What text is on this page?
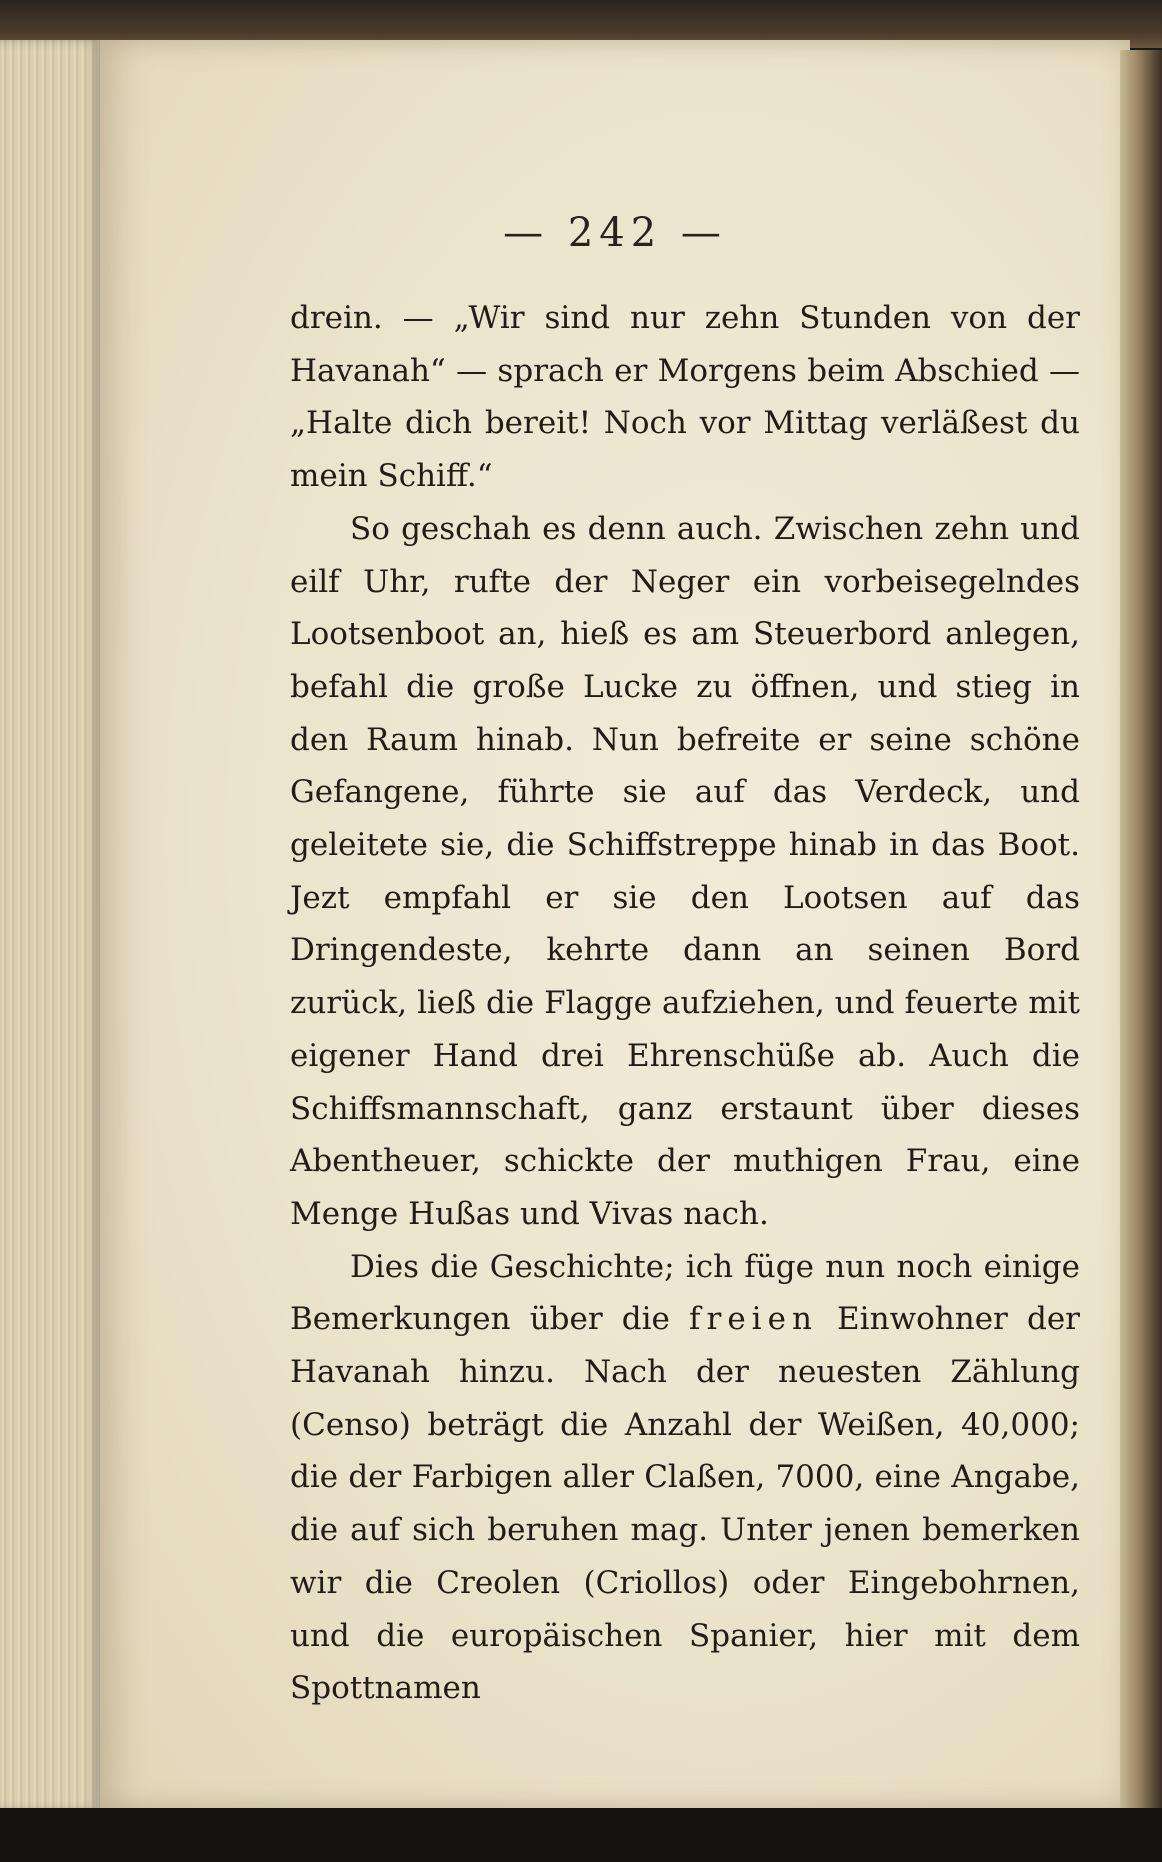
— 242 —

drein. — „Wir sind nur zehn Stunden von der Havanah“ — sprach er Morgens beim Abschied — „Halte dich bereit! Noch vor Mittag verläßest du mein Schiff.“

So geschah es denn auch. Zwischen zehn und eilf Uhr, rufte der Neger ein vorbeisegelndes Lootsenboot an, hieß es am Steuerbord anlegen, befahl die große Lucke zu öffnen, und stieg in den Raum hinab. Nun befreite er seine schöne Gefangene, führte sie auf das Verdeck, und geleitete sie, die Schiffstreppe hinab in das Boot. Jezt empfahl er sie den Lootsen auf das Dringendeste, kehrte dann an seinen Bord zurück, ließ die Flagge aufziehen, und feuerte mit eigener Hand drei Ehrenschüße ab. Auch die Schiffsmannschaft, ganz erstaunt über dieses Abentheuer, schickte der muthigen Frau, eine Menge Hußas und Vivas nach.

Dies die Geschichte; ich füge nun noch einige Bemerkungen über die freien Einwohner der Havanah hinzu. Nach der neuesten Zählung (Censo) beträgt die Anzahl der Weißen, 40,000; die der Farbigen aller Claßen, 7000, eine Angabe, die auf sich beruhen mag. Unter jenen bemerken wir die Creolen (Criollos) oder Eingebohrnen, und die europäischen Spanier, hier mit dem Spottnamen
